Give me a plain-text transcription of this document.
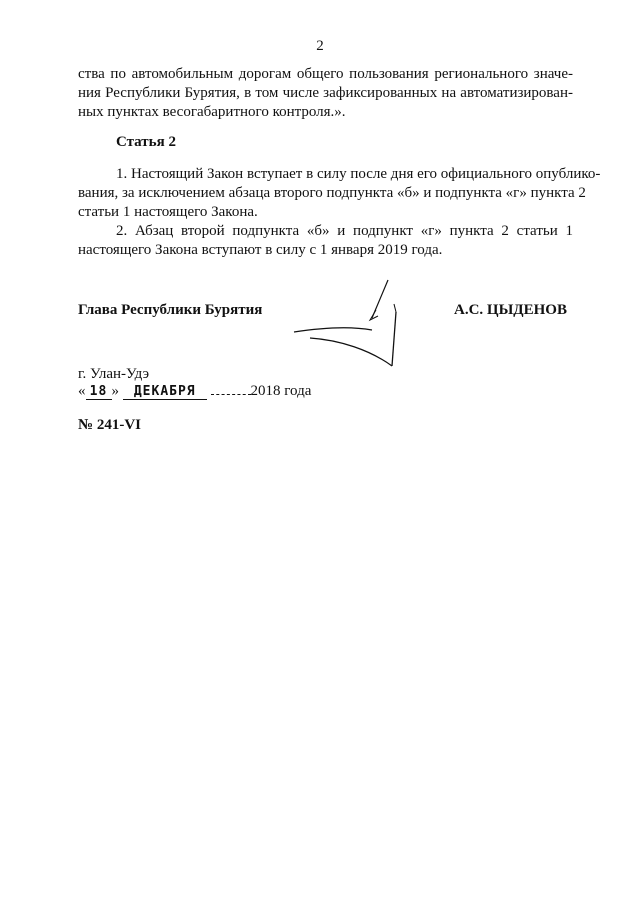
2
ства по автомобильным дорогам общего пользования регионального значе-
ния Республики Бурятия, в том числе зафиксированных на автоматизирован-
ных пунктах весогабаритного контроля.».
Статья 2
1. Настоящий Закон вступает в силу после дня его официального опублико-
вания, за исключением абзаца второго подпункта «б» и подпункта «г» пункта 2
статьи 1 настоящего Закона.
2. Абзац второй подпункта «б» и подпункт «г» пункта 2 статьи 1
настоящего Закона вступают в силу с 1 января 2019 года.
Глава Республики Бурятия	А.С. ЦЫДЕНОВ
г. Улан-Удэ
« 18 » ДЕКАБРЯ	2018 года
№ 241-VI
